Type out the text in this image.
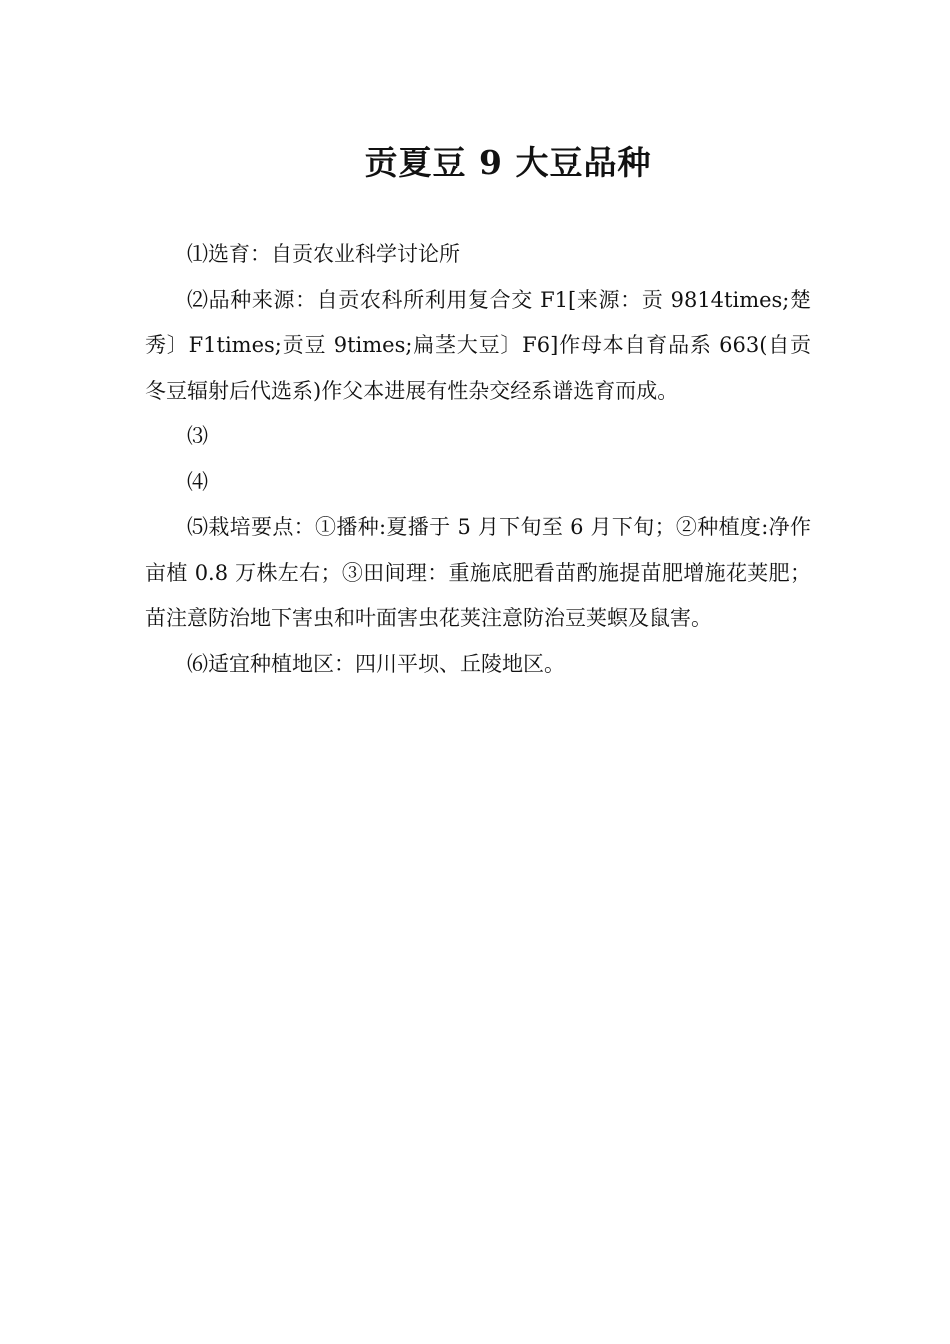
贡夏豆 9 大豆品种

⑴选育：自贡农业科学讨论所

⑵品种来源：自贡农科所利用复合交 F1[来源：贡 9814times;楚秀〕F1times;贡豆 9times;扁茎大豆〕F6]作母本自育品系 663(自贡冬豆辐射后代选系)作父本进展有性杂交经系谱选育而成。

⑶

⑷

⑸栽培要点：①播种:夏播于 5 月下旬至 6 月下旬；②种植度:净作亩植 0.8 万株左右；③田间理：重施底肥看苗酌施提苗肥增施花荚肥；苗注意防治地下害虫和叶面害虫花荚注意防治豆荚螟及鼠害。

⑹适宜种植地区：四川平坝、丘陵地区。
